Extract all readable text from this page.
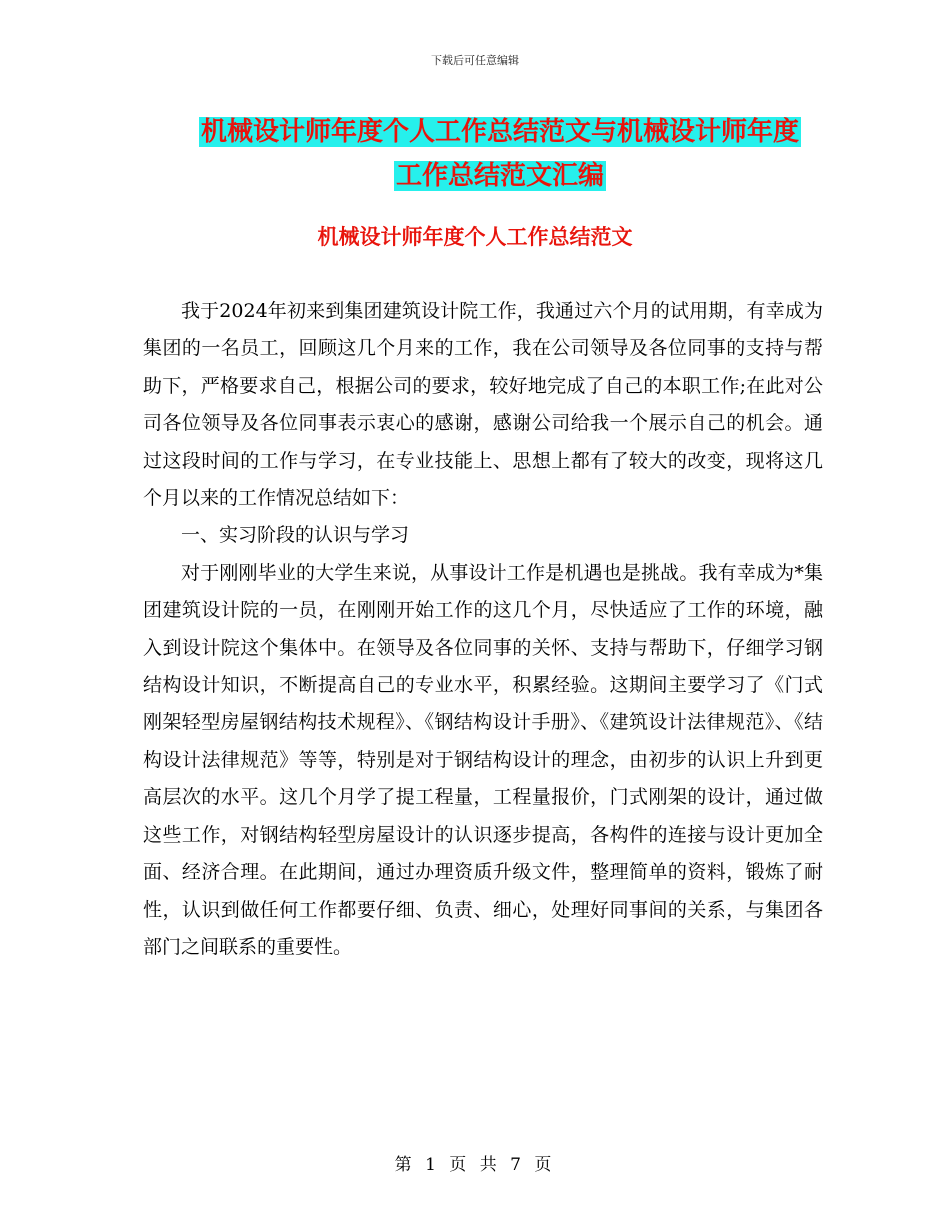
下载后可任意编辑
机械设计师年度个人工作总结范文与机械设计师年度
工作总结范文汇编
机械设计师年度个人工作总结范文

我于2024年初来到集团建筑设计院工作，我通过六个月的试用期，有幸成为集团的一名员工，回顾这几个月来的工作，我在公司领导及各位同事的支持与帮助下，严格要求自己，根据公司的要求，较好地完成了自己的本职工作;在此对公司各位领导及各位同事表示衷心的感谢，感谢公司给我一个展示自己的机会。通过这段时间的工作与学习，在专业技能上、思想上都有了较大的改变，现将这几个月以来的工作情况总结如下：

一、实习阶段的认识与学习

对于刚刚毕业的大学生来说，从事设计工作是机遇也是挑战。我有幸成为*集团建筑设计院的一员，在刚刚开始工作的这几个月，尽快适应了工作的环境，融入到设计院这个集体中。在领导及各位同事的关怀、支持与帮助下，仔细学习钢结构设计知识，不断提高自己的专业水平，积累经验。这期间主要学习了《门式刚架轻型房屋钢结构技术规程》、《钢结构设计手册》、《建筑设计法律规范》、《结构设计法律规范》等等，特别是对于钢结构设计的理念，由初步的认识上升到更高层次的水平。这几个月学了提工程量，工程量报价，门式刚架的设计，通过做这些工作，对钢结构轻型房屋设计的认识逐步提高，各构件的连接与设计更加全面、经济合理。在此期间，通过办理资质升级文件，整理简单的资料，锻炼了耐性，认识到做任何工作都要仔细、负责、细心，处理好同事间的关系，与集团各部门之间联系的重要性。

第 1 页 共 7 页
